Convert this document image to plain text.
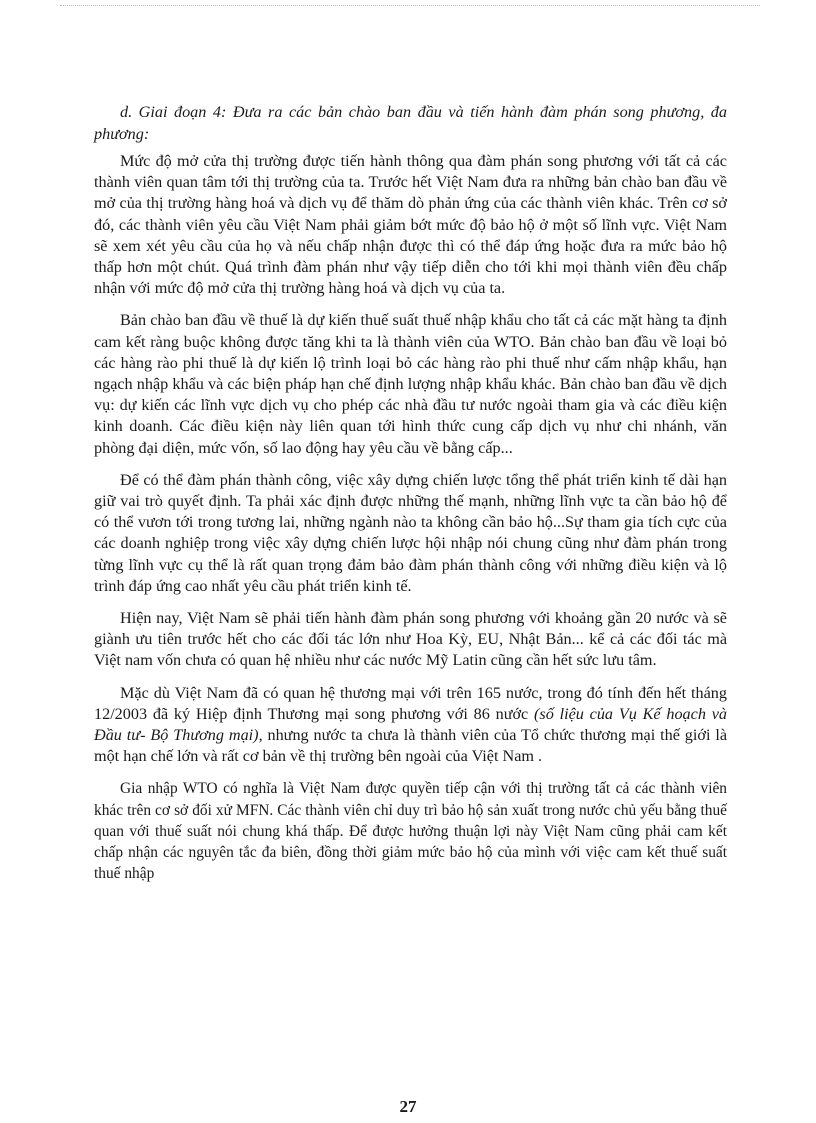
d. Giai đoạn 4: Đưa ra các bản chào ban đầu và tiến hành đàm phán song phương, đa phương:

Mức độ mở cửa thị trường được tiến hành thông qua đàm phán song phương với tất cả các thành viên quan tâm tới thị trường của ta. Trước hết Việt Nam đưa ra những bản chào ban đầu về mở của thị trường hàng hoá và dịch vụ để thăm dò phản ứng của các thành viên khác. Trên cơ sở đó, các thành viên yêu cầu Việt Nam phải giảm bớt mức độ bảo hộ ở một số lĩnh vực. Việt Nam sẽ xem xét yêu cầu của họ và nếu chấp nhận được thì có thể đáp ứng hoặc đưa ra mức bảo hộ thấp hơn một chút. Quá trình đàm phán như vậy tiếp diễn cho tới khi mọi thành viên đều chấp nhận với mức độ mở cửa thị trường hàng hoá và dịch vụ của ta.

Bản chào ban đầu về thuế là dự kiến thuế suất thuế nhập khẩu cho tất cả các mặt hàng ta định cam kết ràng buộc không được tăng khi ta là thành viên của WTO. Bản chào ban đầu về loại bỏ các hàng rào phi thuế là dự kiến lộ trình loại bỏ các hàng rào phi thuế như cấm nhập khẩu, hạn ngạch nhập khẩu và các biện pháp hạn chế định lượng nhập khẩu khác. Bản chào ban đầu về dịch vụ: dự kiến các lĩnh vực dịch vụ cho phép các nhà đầu tư nước ngoài tham gia và các điều kiện kinh doanh. Các điều kiện này liên quan tới hình thức cung cấp dịch vụ như chi nhánh, văn phòng đại diện, mức vốn, số lao động hay yêu cầu về bằng cấp...

Để có thể đàm phán thành công, việc xây dựng chiến lược tổng thể phát triển kinh tế dài hạn giữ vai trò quyết định. Ta phải xác định được những thế mạnh, những lĩnh vực ta cần bảo hộ để có thể vươn tới trong tương lai, những ngành nào ta không cần bảo hộ...Sự tham gia tích cực của các doanh nghiệp trong việc xây dựng chiến lược hội nhập nói chung cũng như đàm phán trong từng lĩnh vực cụ thể là rất quan trọng đảm bảo đàm phán thành công với những điều kiện và lộ trình đáp ứng cao nhất yêu cầu phát triển kinh tế.

Hiện nay, Việt Nam sẽ phải tiến hành đàm phán song phương với khoảng gần 20 nước và sẽ giành ưu tiên trước hết cho các đối tác lớn như Hoa Kỳ, EU, Nhật Bản... kể cả các đối tác mà Việt nam vốn chưa có quan hệ nhiều như các nước Mỹ Latin cũng cần hết sức lưu tâm.

Mặc dù Việt Nam đã có quan hệ thương mại với trên 165 nước, trong đó tính đến hết tháng 12/2003 đã ký Hiệp định Thương mại song phương với 86 nước (số liệu của Vụ Kế hoạch và Đầu tư- Bộ Thương mại), nhưng nước ta chưa là thành viên của Tổ chức thương mại thế giới là một hạn chế lớn và rất cơ bản về thị trường bên ngoài của Việt Nam .

Gia nhập WTO có nghĩa là Việt Nam được quyền tiếp cận với thị trường tất cả các thành viên khác trên cơ sở đối xử MFN. Các thành viên chỉ duy trì bảo hộ sản xuất trong nước chủ yếu bằng thuế quan với thuế suất nói chung khá thấp. Để được hưởng thuận lợi này Việt Nam cũng phải cam kết chấp nhận các nguyên tắc đa biên, đồng thời giảm mức bảo hộ của mình với việc cam kết thuế suất thuế nhập

27
